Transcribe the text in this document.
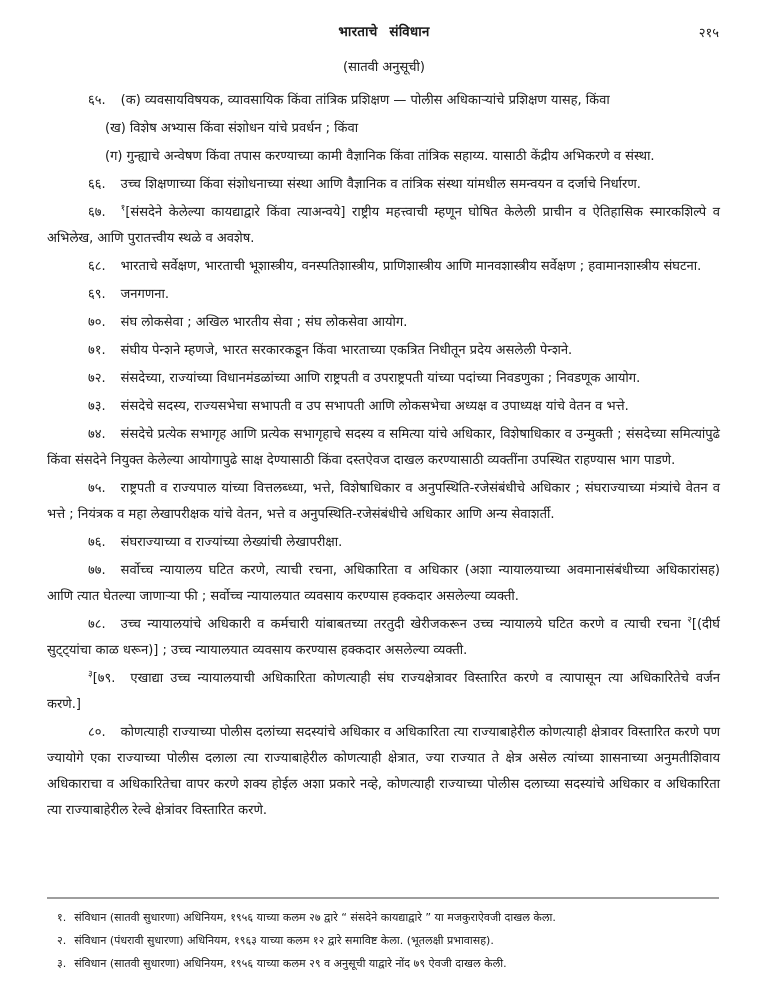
भारताचे संविधान	२१५
(सातवी अनुसूची)

६५. (क) व्यवसायविषयक, व्यावसायिक किंवा तांत्रिक प्रशिक्षण — पोलीस अधिकाऱ्यांचे प्रशिक्षण यासह, किंवा

(ख) विशेष अभ्यास किंवा संशोधन यांचे प्रवर्धन ; किंवा

(ग) गुन्ह्याचे अन्वेषण किंवा तपास करण्याच्या कामी वैज्ञानिक किंवा तांत्रिक सहाय्य. यासाठी केंद्रीय अभिकरणे व संस्था.

६६. उच्च शिक्षणाच्या किंवा संशोधनाच्या संस्था आणि वैज्ञानिक व तांत्रिक संस्था यांमधील समन्वयन व दर्जाचे निर्धारण.

६७. $^१$[संसदेने केलेल्या कायद्याद्वारे किंवा त्याअन्वये] राष्ट्रीय महत्त्वाची म्हणून घोषित केलेली प्राचीन व ऐतिहासिक स्मारकशिल्पे व अभिलेख, आणि पुरातत्त्वीय स्थळे व अवशेष.

६८. भारताचे सर्वेक्षण, भारताची भूशास्त्रीय, वनस्पतिशास्त्रीय, प्राणिशास्त्रीय आणि मानवशास्त्रीय सर्वेक्षण ; हवामानशास्त्रीय संघटना.

६९. जनगणना.

७०. संघ लोकसेवा ; अखिल भारतीय सेवा ; संघ लोकसेवा आयोग.

७१. संघीय पेन्शने म्हणजे, भारत सरकारकडून किंवा भारताच्या एकत्रित निधीतून प्रदेय असलेली पेन्शने.

७२. संसदेच्या, राज्यांच्या विधानमंडळांच्या आणि राष्ट्रपती व उपराष्ट्रपती यांच्या पदांच्या निवडणुका ; निवडणूक आयोग.

७३. संसदेचे सदस्य, राज्यसभेचा सभापती व उप सभापती आणि लोकसभेचा अध्यक्ष व उपाध्यक्ष यांचे वेतन व भत्ते.

७४. संसदेचे प्रत्येक सभागृह आणि प्रत्येक सभागृहाचे सदस्य व समित्या यांचे अधिकार, विशेषाधिकार व उन्मुक्ती ; संसदेच्या समित्यांपुढे किंवा संसदेने नियुक्त केलेल्या आयोगापुढे साक्ष देण्यासाठी किंवा दस्तऐवज दाखल करण्यासाठी व्यक्तींना उपस्थित राहण्यास भाग पाडणे.

७५. राष्ट्रपती व राज्यपाल यांच्या वित्तलब्ध्या, भत्ते, विशेषाधिकार व अनुपस्थिति-रजेसंबंधीचे अधिकार ; संघराज्याच्या मंत्र्यांचे वेतन व भत्ते ; नियंत्रक व महा लेखापरीक्षक यांचे वेतन, भत्ते व अनुपस्थिति-रजेसंबंधीचे अधिकार आणि अन्य सेवाशर्ती.

७६. संघराज्याच्या व राज्यांच्या लेख्यांची लेखापरीक्षा.

७७. सर्वोच्च न्यायालय घटित करणे, त्याची रचना, अधिकारिता व अधिकार (अशा न्यायालयाच्या अवमानासंबंधीच्या अधिकारांसह) आणि त्यात घेतल्या जाणाऱ्या फी ; सर्वोच्च न्यायालयात व्यवसाय करण्यास हक्कदार असलेल्या व्यक्ती.

७८. उच्च न्यायालयांचे अधिकारी व कर्मचारी यांबाबतच्या तरतुदी खेरीजकरून उच्च न्यायालये घटित करणे व त्याची रचना $^२$[(दीर्घ सुट्ट्यांचा काळ धरून)] ; उच्च न्यायालयात व्यवसाय करण्यास हक्कदार असलेल्या व्यक्ती.

$^३$[७९. एखाद्या उच्च न्यायालयाची अधिकारिता कोणत्याही संघ राज्यक्षेत्रावर विस्तारित करणे व त्यापासून त्या अधिकारितेचे वर्जन करणे.]

८०. कोणत्याही राज्याच्या पोलीस दलांच्या सदस्यांचे अधिकार व अधिकारिता त्या राज्याबाहेरील कोणत्याही क्षेत्रावर विस्तारित करणे पण ज्यायोगे एका राज्याच्या पोलीस दलाला त्या राज्याबाहेरील कोणत्याही क्षेत्रात, ज्या राज्यात ते क्षेत्र असेल त्यांच्या शासनाच्या अनुमतीशिवाय अधिकाराचा व अधिकारितेचा वापर करणे शक्य होईल अशा प्रकारे नव्हे, कोणत्याही राज्याच्या पोलीस दलाच्या सदस्यांचे अधिकार व अधिकारिता त्या राज्याबाहेरील रेल्वे क्षेत्रांवर विस्तारित करणे.

१. संविधान (सातवी सुधारणा) अधिनियम, १९५६ याच्या कलम २७ द्वारे “ संसदेने कायद्याद्वारे ” या मजकुराऐवजी दाखल केला.

२. संविधान (पंधरावी सुधारणा) अधिनियम, १९६३ याच्या कलम १२ द्वारे समाविष्ट केला. (भूतलक्षी प्रभावासह).

३. संविधान (सातवी सुधारणा) अधिनियम, १९५६ याच्या कलम २९ व अनुसूची याद्वारे नोंद ७९ ऐवजी दाखल केली.
